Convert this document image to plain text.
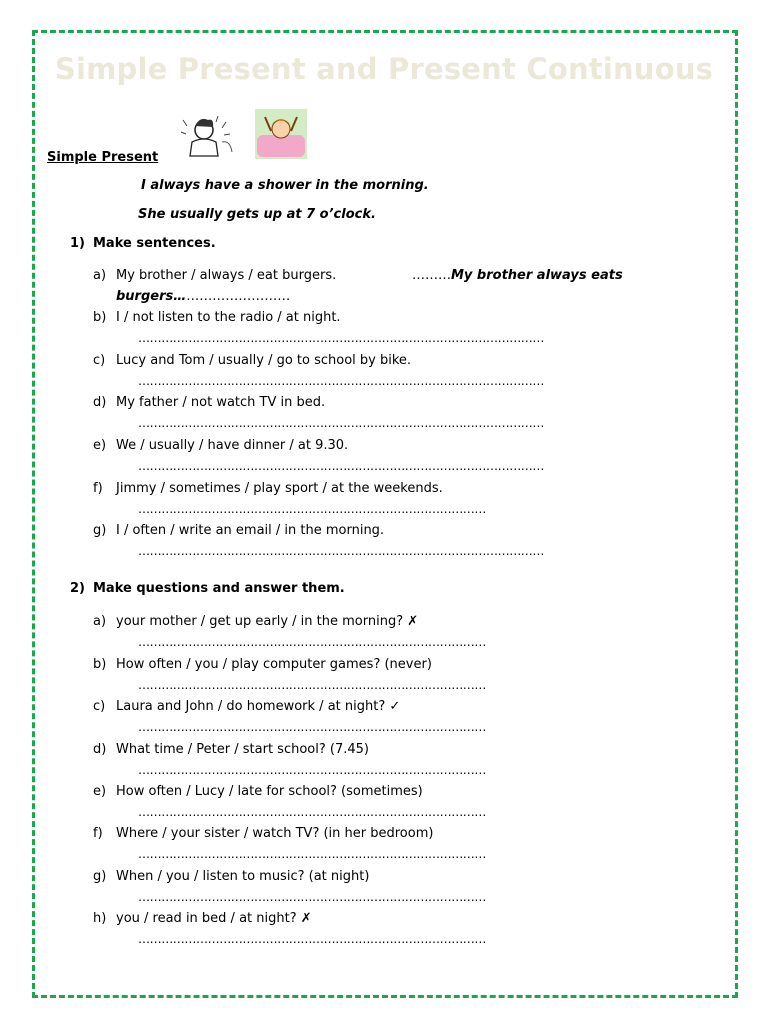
Simple Present and Present Continuous
Simple Present
I always have a shower in the morning.
She usually gets up at 7 o’clock.
1) Make sentences.
a) My brother / always / eat burgers.	………My brother always eats
burgers………………………
b) I / not listen to the radio / at night.
……………………………………………………………………………………………
c) Lucy and Tom / usually / go to school by bike.
……………………………………………………………………………………………
d) My father / not watch TV in bed.
……………………………………………………………………………………………
e) We / usually / have dinner / at 9.30.
……………………………………………………………………………………………
f) Jimmy / sometimes / play sport / at the weekends.
………………………………………………………………………………
g) I / often / write an email / in the morning.
……………………………………………………………………………………………
2) Make questions and answer them.
a) your mother / get up early / in the morning? ✗
………………………………………………………………………………
b) How often / you / play computer games? (never)
………………………………………………………………………………
c) Laura and John / do homework / at night? ✓
………………………………………………………………………………
d) What time / Peter / start school? (7.45)
………………………………………………………………………………
e) How often / Lucy / late for school? (sometimes)
………………………………………………………………………………
f) Where / your sister / watch TV? (in her bedroom)
………………………………………………………………………………
g) When / you / listen to music? (at night)
………………………………………………………………………………
h) you / read in bed / at night? ✗
………………………………………………………………………………
